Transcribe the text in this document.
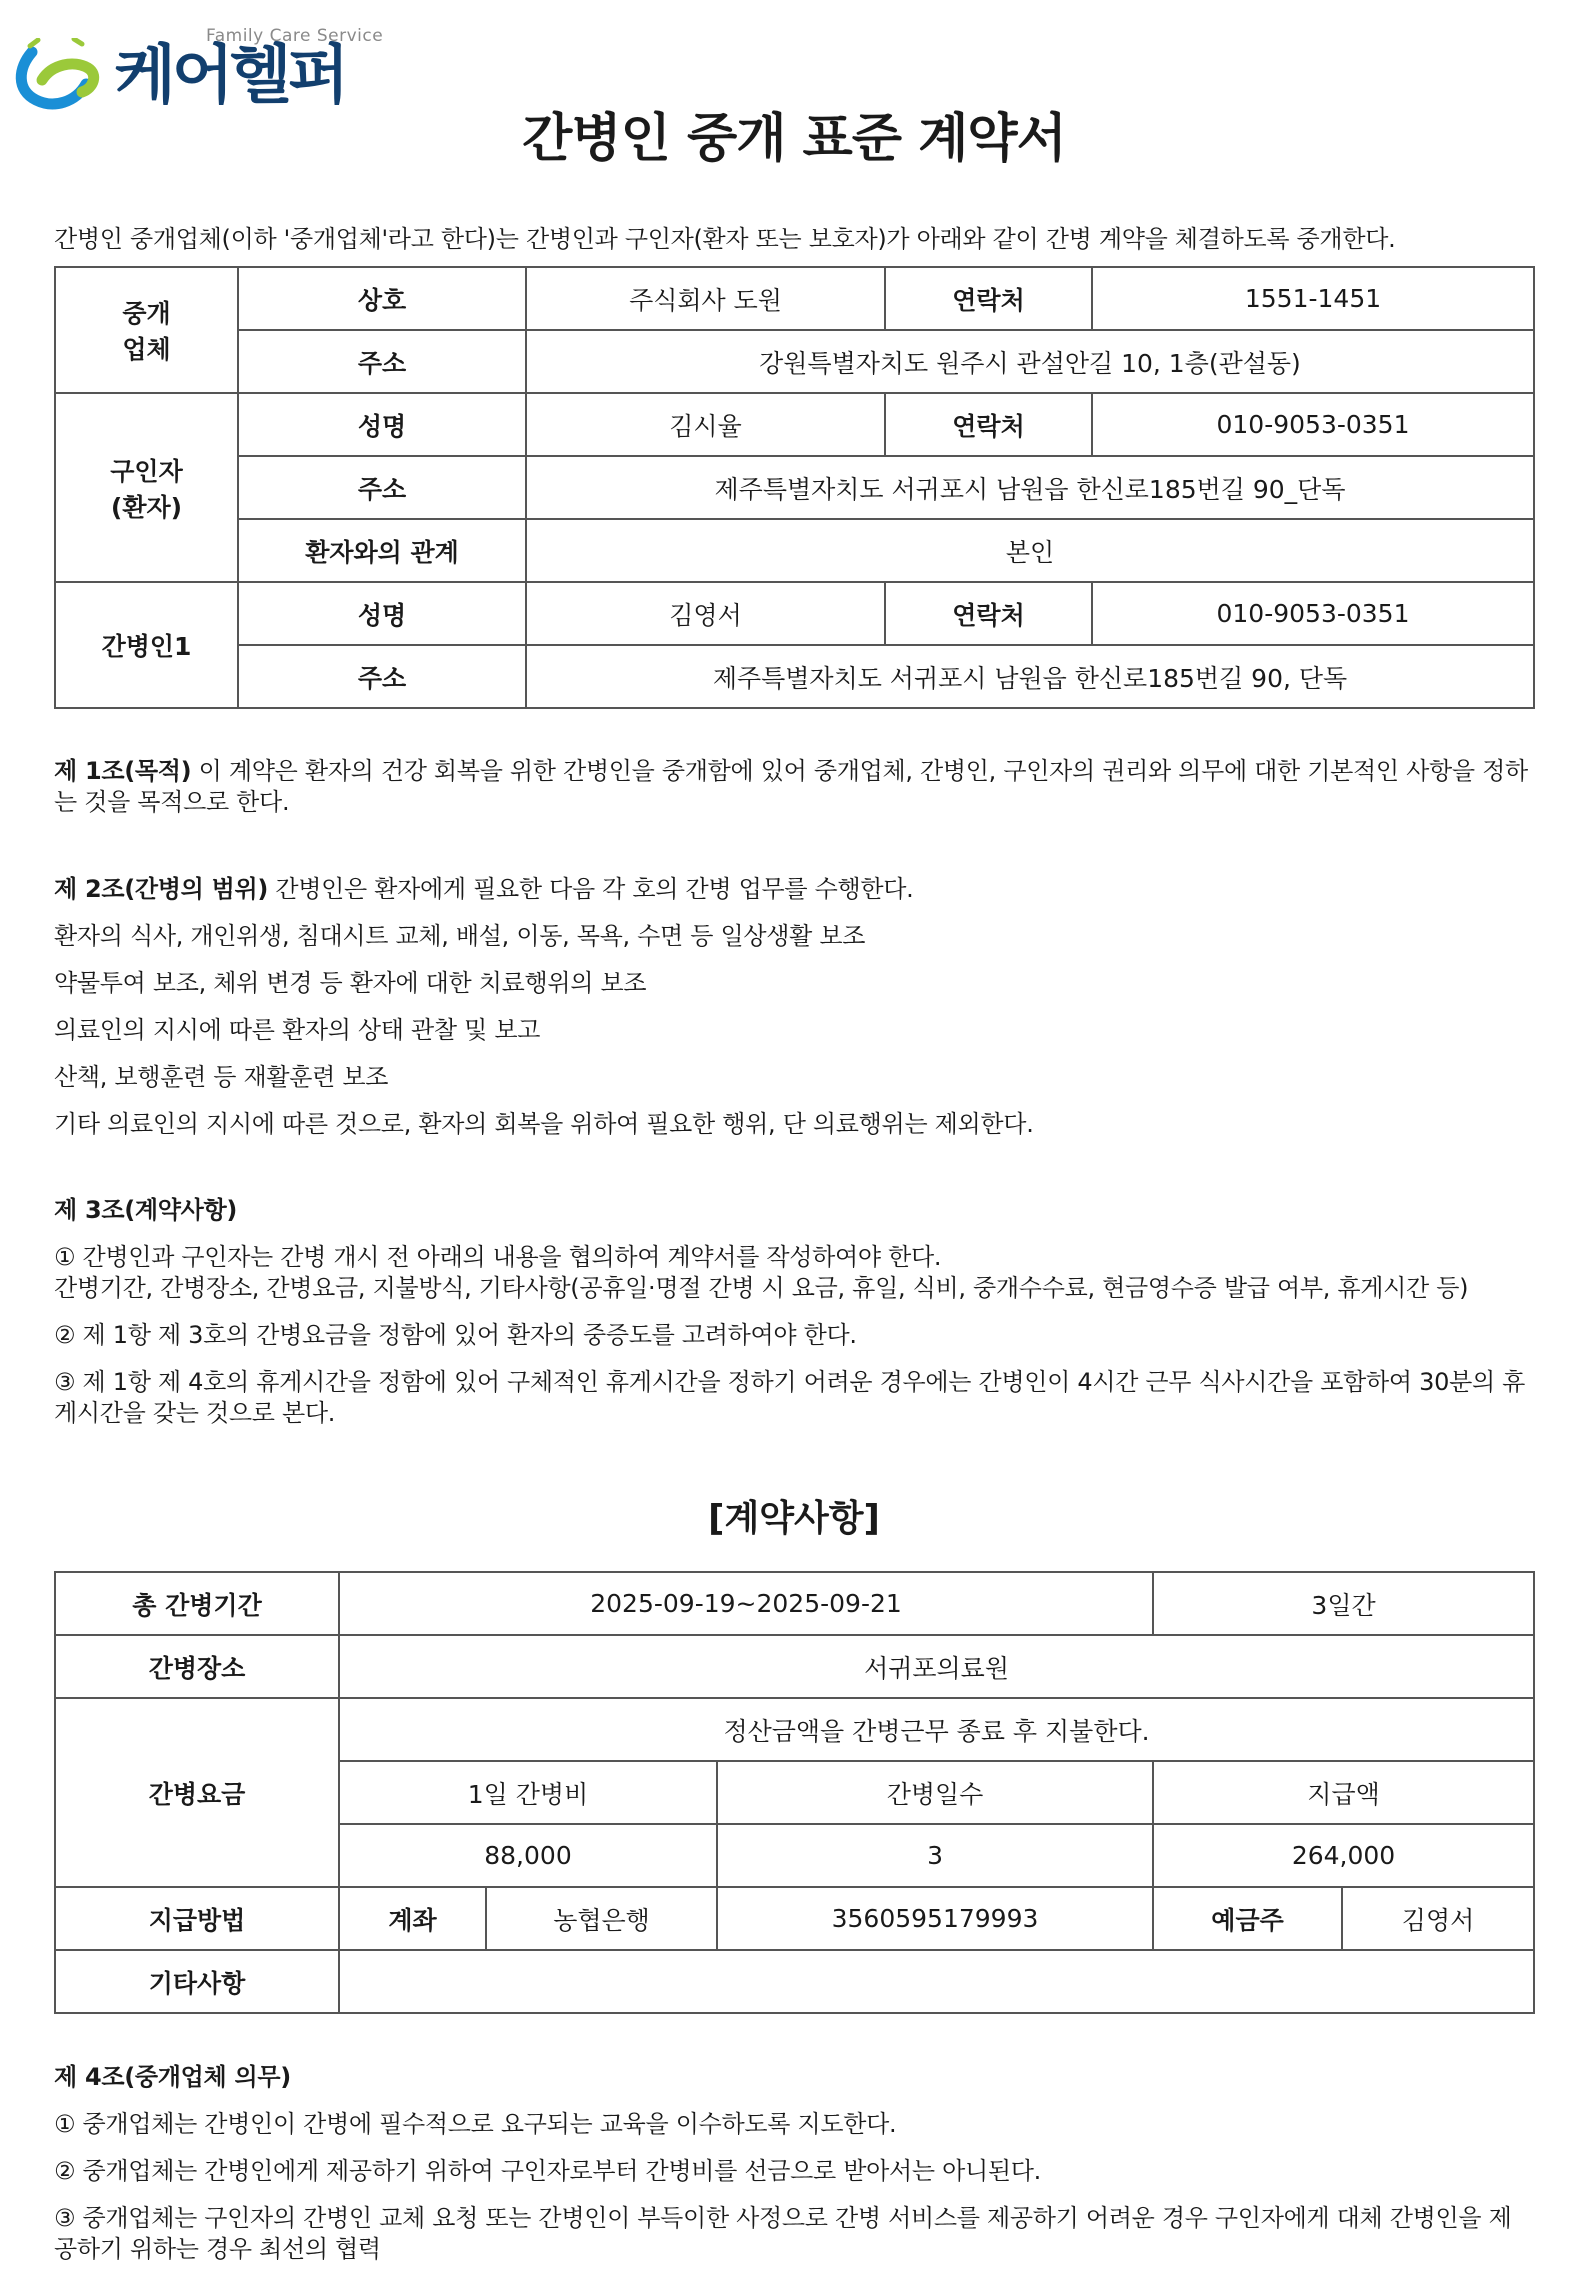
Family Care Service
케어헬퍼
간병인 중개 표준 계약서
간병인 중개업체(이하 '중개업체'라고 한다)는 간병인과 구인자(환자 또는 보호자)가 아래와 같이 간병 계약을 체결하도록 중개한다.
중개
업체	상호	주식회사 도원	연락처	1551-1451
	주소	강원특별자치도 원주시 관설안길 10, 1층(관설동)		
구인자
(환자)	성명	김시율	연락처	010-9053-0351
	주소	제주특별자치도 서귀포시 남원읍 한신로185번길 90_단독		
	환자와의 관계	본인		
간병인1	성명	김영서	연락처	010-9053-0351
	주소	제주특별자치도 서귀포시 남원읍 한신로185번길 90, 단독		

제 1조(목적) 이 계약은 환자의 건강 회복을 위한 간병인을 중개함에 있어 중개업체, 간병인, 구인자의 권리와 의무에 대한 기본적인 사항을 정하는 것을 목적으로 한다.

제 2조(간병의 범위) 간병인은 환자에게 필요한 다음 각 호의 간병 업무를 수행한다.

환자의 식사, 개인위생, 침대시트 교체, 배설, 이동, 목욕, 수면 등 일상생활 보조

약물투여 보조, 체위 변경 등 환자에 대한 치료행위의 보조

의료인의 지시에 따른 환자의 상태 관찰 및 보고

산책, 보행훈련 등 재활훈련 보조

기타 의료인의 지시에 따른 것으로, 환자의 회복을 위하여 필요한 행위, 단 의료행위는 제외한다.

제 3조(계약사항)

① 간병인과 구인자는 간병 개시 전 아래의 내용을 협의하여 계약서를 작성하여야 한다.

간병기간, 간병장소, 간병요금, 지불방식, 기타사항(공휴일·명절 간병 시 요금, 휴일, 식비, 중개수수료, 현금영수증 발급 여부, 휴게시간 등)

② 제 1항 제 3호의 간병요금을 정함에 있어 환자의 중증도를 고려하여야 한다.

③ 제 1항 제 4호의 휴게시간을 정함에 있어 구체적인 휴게시간을 정하기 어려운 경우에는 간병인이 4시간 근무 식사시간을 포함하여 30분의 휴게시간을 갖는 것으로 본다.

[계약사항]
총 간병기간	2025-09-19~2025-09-21			3일간	
간병장소	서귀포의료원				
간병요금	정산금액을 간병근무 종료 후 지불한다.				
	1일 간병비		간병일수	지급액	
	88,000		3	264,000	
지급방법	계좌	농협은행	3560595179993	예금주	김영서
기타사항					

제 4조(중개업체 의무)

① 중개업체는 간병인이 간병에 필수적으로 요구되는 교육을 이수하도록 지도한다.

② 중개업체는 간병인에게 제공하기 위하여 구인자로부터 간병비를 선금으로 받아서는 아니된다.

③ 중개업체는 구인자의 간병인 교체 요청 또는 간병인이 부득이한 사정으로 간병 서비스를 제공하기 어려운 경우 구인자에게 대체 간병인을 제공하기 위하는 경우 최선의 협력
